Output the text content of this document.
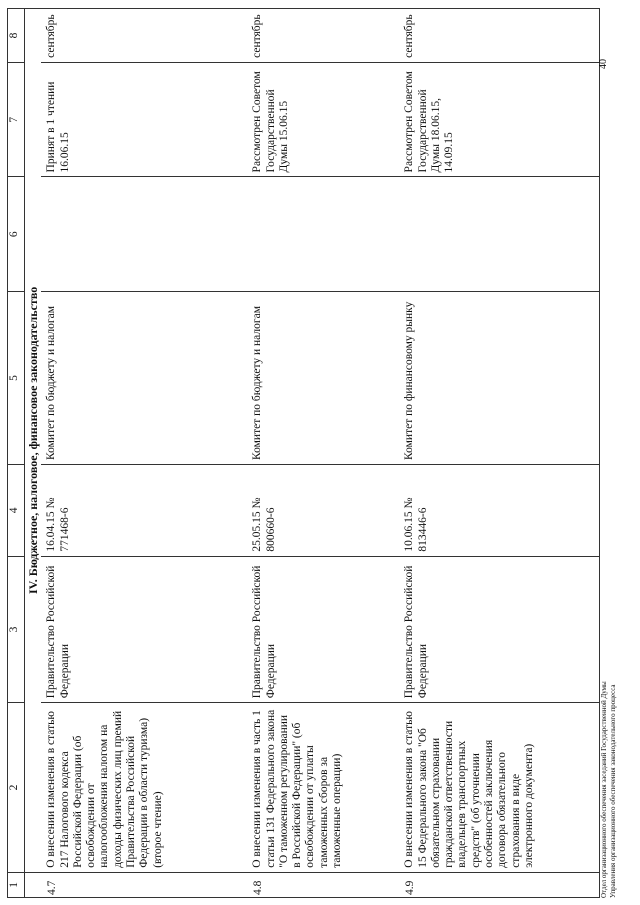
1	2	3	4	5	6	7	8
	IV. Бюджетное, налоговое, финансовое законодательство						
4.7	О внесении изменения в статью 217 Налогового кодекса Российской Федерации (об освобождении от налогообложения налогом на доходы физических лиц премий Правительства Российской Федерации в области туризма) (второе чтение)	Правительство Российской Федерации	16.04.15 № 771468-6	Комитет по бюджету и налогам		Принят в 1 чтении 16.06.15	сентябрь
4.8	О внесении изменения в часть 1 статьи 131 Федерального закона "О таможенном регулировании в Российской Федерации" (об освобождении от уплаты таможенных сборов за таможенные операции)	Правительство Российской Федерации	25.05.15 № 800660-6	Комитет по бюджету и налогам		Рассмотрен Советом Государственной Думы 15.06.15	сентябрь
4.9	О внесении изменения в статью 15 Федерального закона "Об обязательном страховании гражданской ответственности владельцев транспортных средств" (об уточнении особенностей заключения договора обязательного страхования в виде электронного документа)	Правительство Российской Федерации	10.06.15 № 813446-6	Комитет по финансовому рынку		Рассмотрен Советом Государственной Думы 18.06.15, 14.09.15	сентябрь
Отдел организационного обеспечения заседаний Государственной Думы Управления организационного обеспечения законодательного процесса
40
